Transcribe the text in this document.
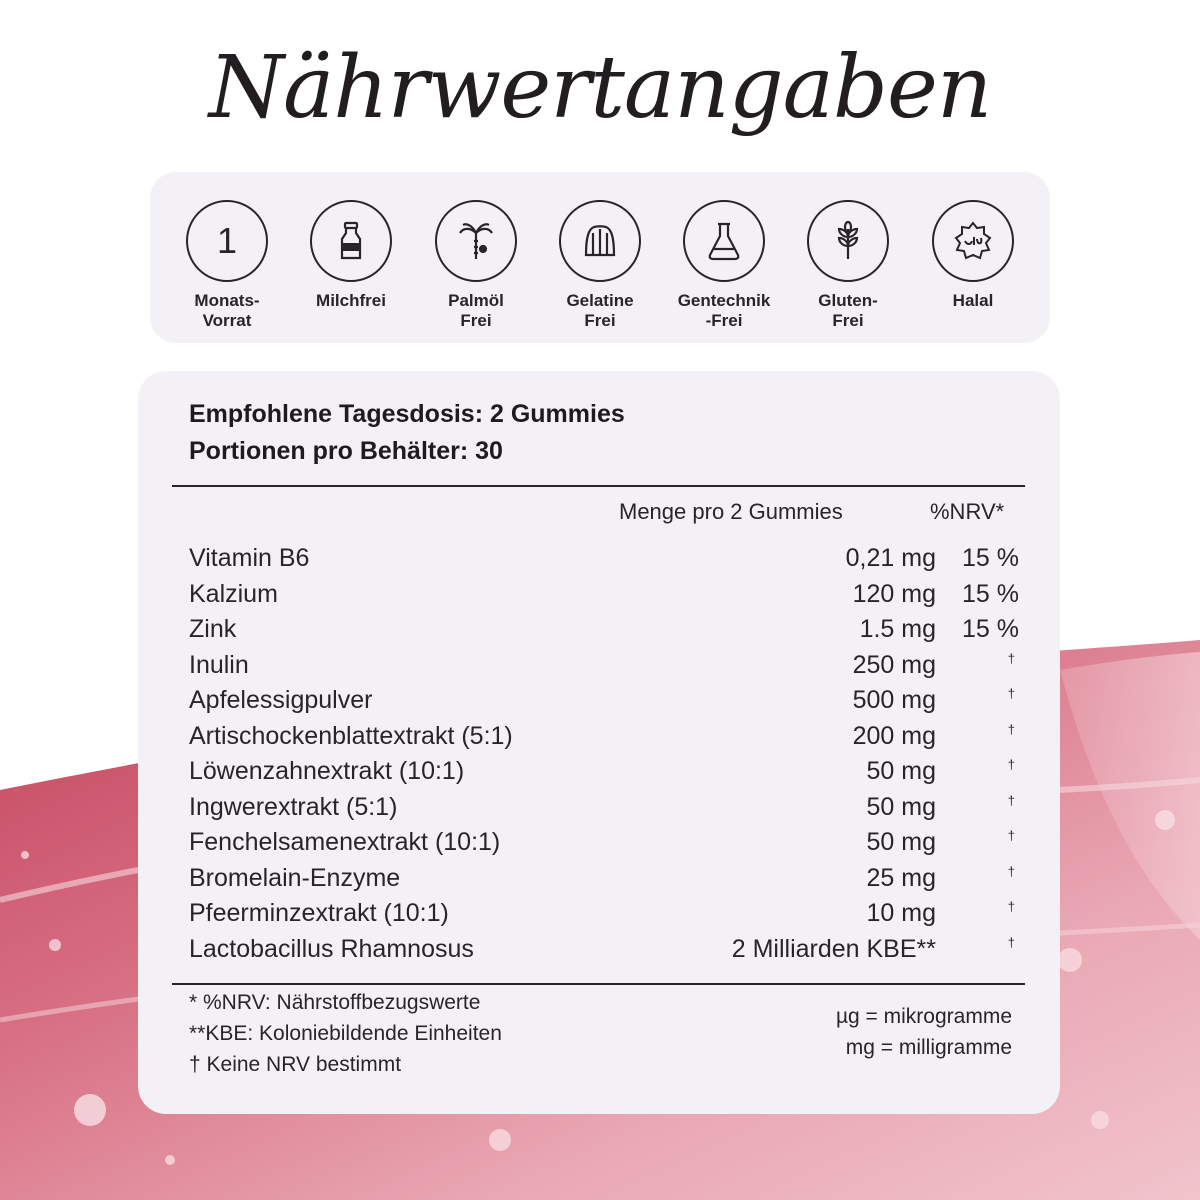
Nährwertangaben
1
Monats-
Vorrat
Milchfrei	Palmöl
Frei
Gelatine
Frei
Gentechnik
-Frei
Gluten-
Frei
Halal
Empfohlene Tagesdosis: 2 Gummies
Portionen pro Behälter: 30
Menge pro 2 Gummies	%NRV*
Vitamin B6	0,21 mg 15 %
Kalzium	120 mg 15 %
Zink	1.5 mg 15 %
Inulin	250 mg	†
Apfelessigpulver	500 mg	†
Artischockenblattextrakt (5:1)	200 mg	†
Löwenzahnextrakt (10:1)	50 mg	†
Ingwerextrakt (5:1)	50 mg	†
Fenchelsamenextrakt (10:1)	50 mg	†
Bromelain-Enzyme	25 mg	†
Pfeerminzextrakt (10:1)	10 mg	†
Lactobacillus Rhamnosus	2 Milliarden KBE**	†
* %NRV: Nährstoffbezugswerte
**KBE: Koloniebildende Einheiten
† Keine NRV bestimmt
µg = mikrogramme
mg = milligramme
